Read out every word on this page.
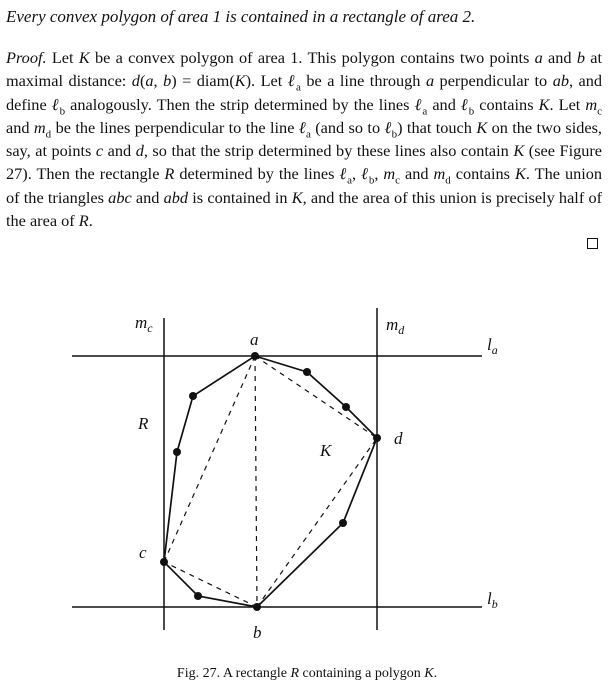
Every convex polygon of area 1 is contained in a rectangle of area 2.
Proof. Let K be a convex polygon of area 1. This polygon contains two points a and b at maximal distance: d(a, b) = diam(K). Let ℓ$_a$ be a line through a perpendicular to ab, and define ℓ$_b$ analogously. Then the strip determined by the lines ℓ$_a$ and ℓ$_b$ contains K. Let $m_c$ and $m_d$ be the lines perpendicular to the line ℓ$_a$ (and so to ℓ$_b$) that touch K on the two sides, say, at points c and d, so that the strip determined by these lines also contain K (see Figure 27). Then the rectangle R determined by the lines ℓ$_a$, ℓ$_b$, $m_c$ and $m_d$ contains K. The union of the triangles abc and abd is contained in K, and the area of this union is precisely half of the area of R.
$m_c$	$m_d$
$l_a$
$l_b$
a
b
c
d
R
K
Fig. 27. A rectangle R containing a polygon K.
